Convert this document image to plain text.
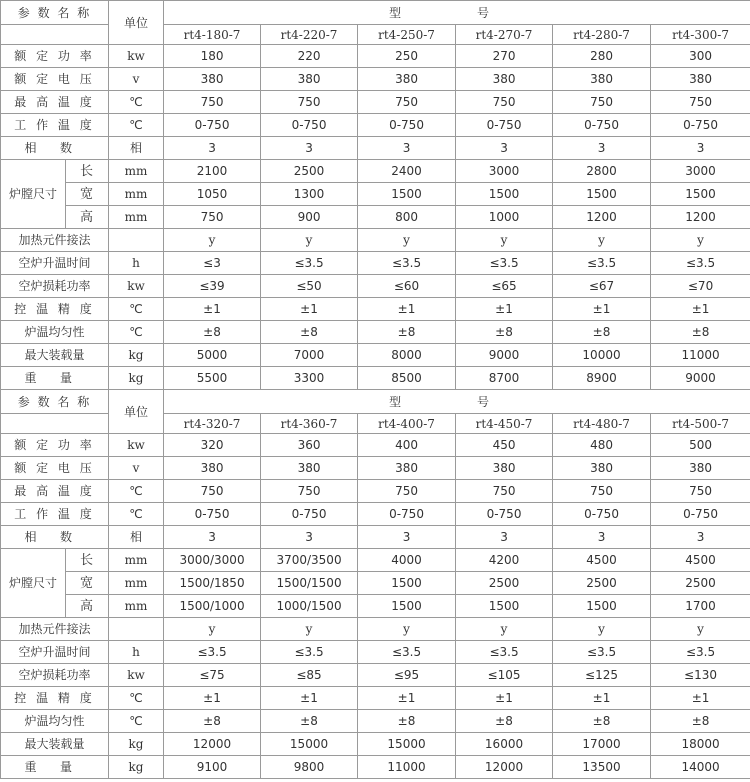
参 数 名 称		单位	型 号					
			rt4-180-7	rt4-220-7	rt4-250-7	rt4-270-7	rt4-280-7	rt4-300-7
额 定 功 率		kw	180	220	250	270	280	300
额 定 电 压		v	380	380	380	380	380	380
最 高 温 度		℃	750	750	750	750	750	750
工 作 温 度		℃	0-750	0-750	0-750	0-750	0-750	0-750
相 数		相	3	3	3	3	3	3
炉膛尺寸	长	mm	2100	2500	2400	3000	2800	3000
	宽	mm	1050	1300	1500	1500	1500	1500
	高	mm	750	900	800	1000	1200	1200
加热元件接法			y	y	y	y	y	y
空炉升温时间		h	≤3	≤3.5	≤3.5	≤3.5	≤3.5	≤3.5
空炉损耗功率		kw	≤39	≤50	≤60	≤65	≤67	≤70
控 温 精 度		℃	±1	±1	±1	±1	±1	±1
炉温均匀性		℃	±8	±8	±8	±8	±8	±8
最大装载量		kg	5000	7000	8000	9000	10000	11000
重 量		kg	5500	3300	8500	8700	8900	9000
参 数 名 称		单位	型 号					
			rt4-320-7	rt4-360-7	rt4-400-7	rt4-450-7	rt4-480-7	rt4-500-7
额 定 功 率		kw	320	360	400	450	480	500
额 定 电 压		v	380	380	380	380	380	380
最 高 温 度		℃	750	750	750	750	750	750
工 作 温 度		℃	0-750	0-750	0-750	0-750	0-750	0-750
相 数		相	3	3	3	3	3	3
炉膛尺寸	长	mm	3000/3000	3700/3500	4000	4200	4500	4500
	宽	mm	1500/1850	1500/1500	1500	2500	2500	2500
	高	mm	1500/1000	1000/1500	1500	1500	1500	1700
加热元件接法			y	y	y	y	y	y
空炉升温时间		h	≤3.5	≤3.5	≤3.5	≤3.5	≤3.5	≤3.5
空炉损耗功率		kw	≤75	≤85	≤95	≤105	≤125	≤130
控 温 精 度		℃	±1	±1	±1	±1	±1	±1
炉温均匀性		℃	±8	±8	±8	±8	±8	±8
最大装载量		kg	12000	15000	15000	16000	17000	18000
重 量		kg	9100	9800	11000	12000	13500	14000
